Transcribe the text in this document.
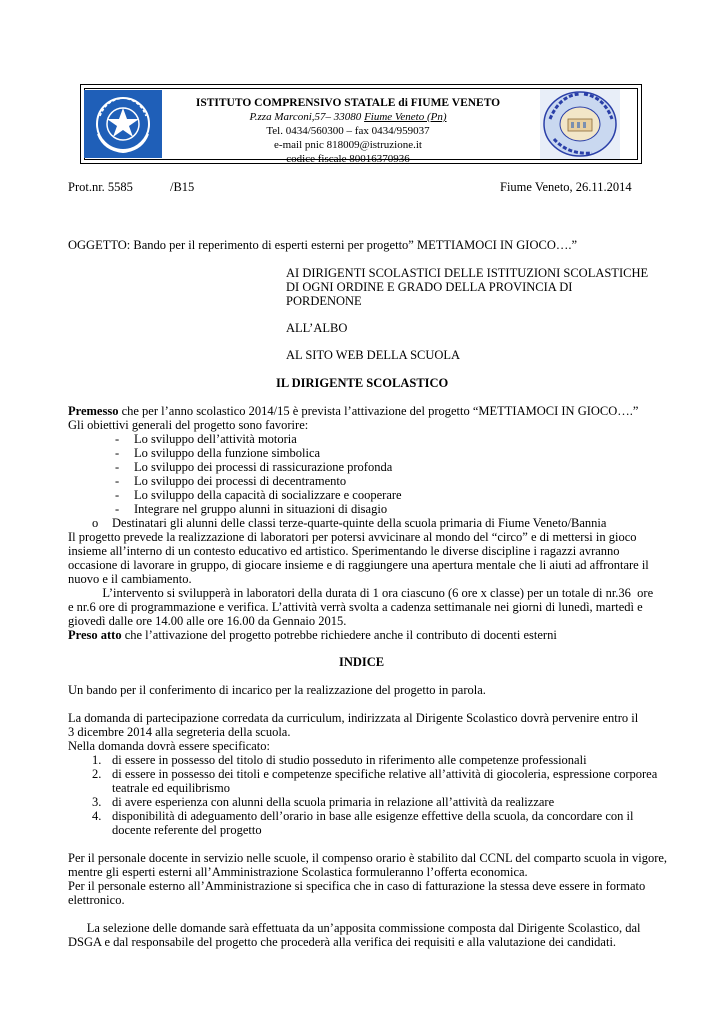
ISTITUTO COMPRENSIVO STATALE di FIUME VENETO
P.zza Marconi,57– 33080 Fiume Veneto (Pn)
Tel. 0434/560300 – fax 0434/959037
e-mail pnic 818009@istruzione.it
codice fiscale 80016370936
Prot.nr. 5585	/B15	Fiume Veneto, 26.11.2014
OGGETTO: Bando per il reperimento di esperti esterni per progetto” METTIAMOCI IN GIOCO….”
AI DIRIGENTI SCOLASTICI DELLE ISTITUZIONI SCOLASTICHE
DI OGNI ORDINE E GRADO DELLA PROVINCIA DI
PORDENONE
ALL’ALBO
AL SITO WEB DELLA SCUOLA
IL DIRIGENTE SCOLASTICO
Premesso che per l’anno scolastico 2014/15 è prevista l’attivazione del progetto “METTIAMOCI IN GIOCO….”
Gli obiettivi generali del progetto sono favorire:
- Lo sviluppo dell’attività motoria
- Lo sviluppo della funzione simbolica
- Lo sviluppo dei processi di rassicurazione profonda
- Lo sviluppo dei processi di decentramento
- Lo sviluppo della capacità di socializzare e cooperare
- Integrare nel gruppo alunni in situazioni di disagio
o Destinatari gli alunni delle classi terze-quarte-quinte della scuola primaria di Fiume Veneto/Bannia
Il progetto prevede la realizzazione di laboratori per potersi avvicinare al mondo del “circo” e di mettersi in gioco
insieme all’interno di un contesto educativo ed artistico. Sperimentando le diverse discipline i ragazzi avranno
occasione di lavorare in gruppo, di giocare insieme e di raggiungere una apertura mentale che li aiuti ad affrontare il
nuovo e il cambiamento.
L’intervento si svilupperà in laboratori della durata di 1 ora ciascuno (6 ore x classe) per un totale di nr.36  ore
e nr.6 ore di programmazione e verifica. L’attività verrà svolta a cadenza settimanale nei giorni di lunedì, martedì e
giovedì dalle ore 14.00 alle ore 16.00 da Gennaio 2015.
Preso atto che l’attivazione del progetto potrebbe richiedere anche il contributo di docenti esterni
INDICE
Un bando per il conferimento di incarico per la realizzazione del progetto in parola.
La domanda di partecipazione corredata da curriculum, indirizzata al Dirigente Scolastico dovrà pervenire entro il
3 dicembre 2014 alla segreteria della scuola.
Nella domanda dovrà essere specificato:
1. di essere in possesso del titolo di studio posseduto in riferimento alle competenze professionali
2. di essere in possesso dei titoli e competenze specifiche relative all’attività di giocoleria, espressione corporea
teatrale ed equilibrismo
3. di avere esperienza con alunni della scuola primaria in relazione all’attività da realizzare
4. disponibilità di adeguamento dell’orario in base alle esigenze effettive della scuola, da concordare con il
docente referente del progetto
Per il personale docente in servizio nelle scuole, il compenso orario è stabilito dal CCNL del comparto scuola in vigore,
mentre gli esperti esterni all’Amministrazione Scolastica formuleranno l’offerta economica.
Per il personale esterno all’Amministrazione si specifica che in caso di fatturazione la stessa deve essere in formato
elettronico.
La selezione delle domande sarà effettuata da un’apposita commissione composta dal Dirigente Scolastico, dal
DSGA e dal responsabile del progetto che procederà alla verifica dei requisiti e alla valutazione dei candidati.
